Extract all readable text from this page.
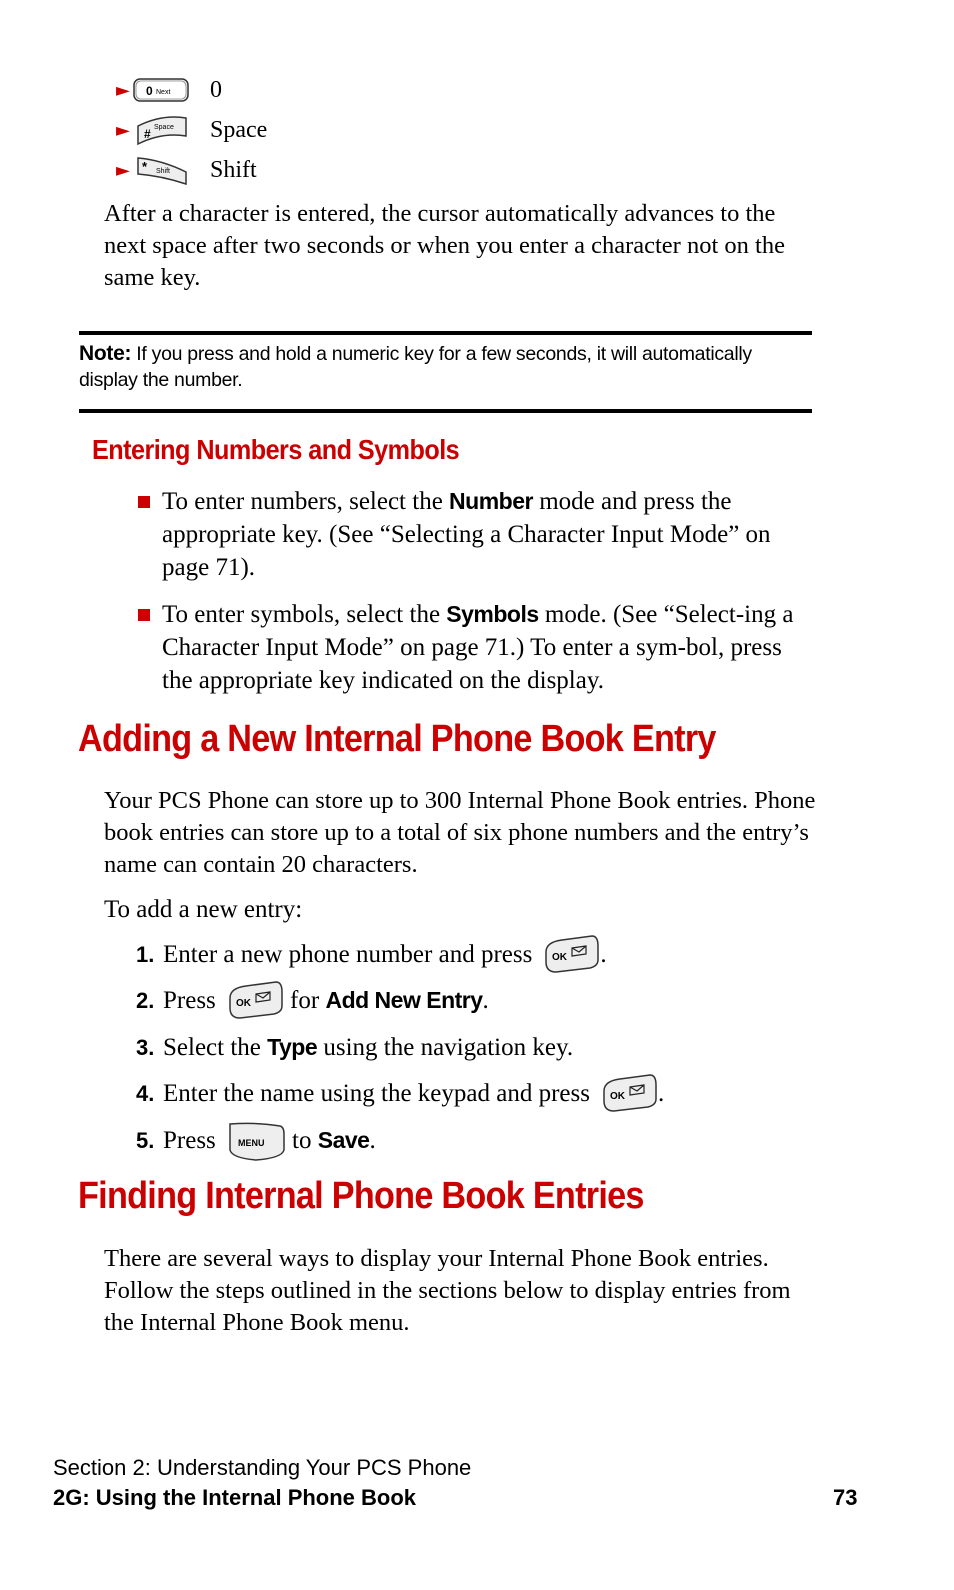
► 0 Next 0
► # Space Space
► * Shift Shift

After a character is entered, the cursor automatically advances to the next space after two seconds or when you enter a character not on the same key.

Note: If you press and hold a numeric key for a few seconds, it will automatically display the number.
Entering Numbers and Symbols
To enter numbers, select the Number mode and press the appropriate key. (See “Selecting a Character Input Mode” on page 71).
To enter symbols, select the Symbols mode. (See “Select-ing a Character Input Mode” on page 71.) To enter a sym-bol, press the appropriate key indicated on the display.
Adding a New Internal Phone Book Entry

Your PCS Phone can store up to 300 Internal Phone Book entries. Phone book entries can store up to a total of six phone numbers and the entry’s name can contain 20 characters.

To add a new entry:

1. Enter a new phone number and press OK .
2. Press OK for Add New Entry .
3. Select the Type using the navigation key.
4. Enter the name using the keypad and press OK .
5. Press MENU to Save .
Finding Internal Phone Book Entries

There are several ways to display your Internal Phone Book entries. Follow the steps outlined in the sections below to display entries from the Internal Phone Book menu.

Section 2: Understanding Your PCS Phone
2G: Using the Internal Phone Book	73
